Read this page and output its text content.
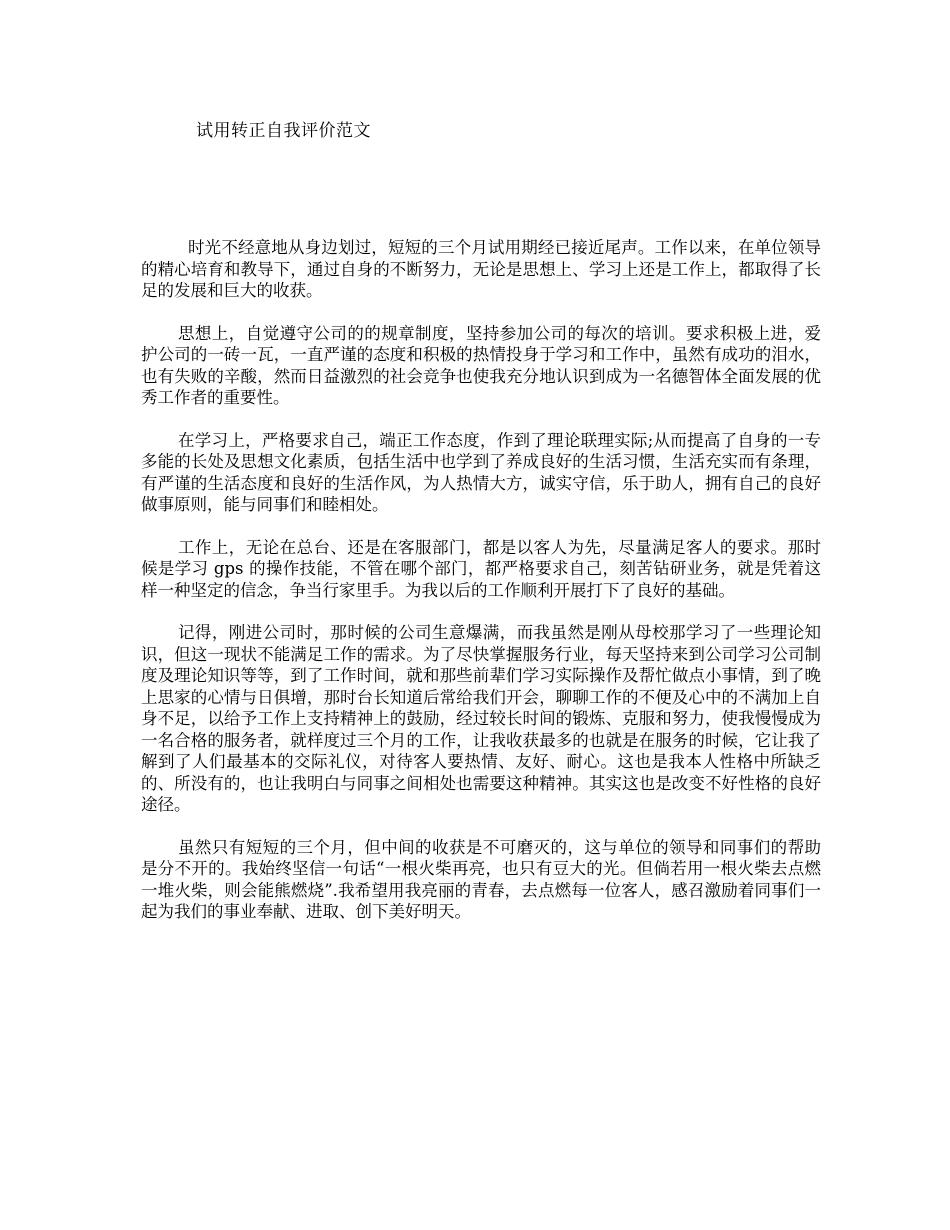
试用转正自我评价范文

时光不经意地从身边划过，短短的三个月试用期经已接近尾声。工作以来，在单位领导的精心培育和教导下，通过自身的不断努力，无论是思想上、学习上还是工作上，都取得了长足的发展和巨大的收获。

思想上，自觉遵守公司的的规章制度，坚持参加公司的每次的培训。要求积极上进，爱护公司的一砖一瓦，一直严谨的态度和积极的热情投身于学习和工作中，虽然有成功的泪水，也有失败的辛酸，然而日益激烈的社会竞争也使我充分地认识到成为一名德智体全面发展的优秀工作者的重要性。

在学习上，严格要求自己，端正工作态度，作到了理论联理实际;从而提高了自身的一专多能的长处及思想文化素质，包括生活中也学到了养成良好的生活习惯，生活充实而有条理，有严谨的生活态度和良好的生活作风，为人热情大方，诚实守信，乐于助人，拥有自己的良好做事原则，能与同事们和睦相处。

工作上，无论在总台、还是在客服部门，都是以客人为先，尽量满足客人的要求。那时候是学习 gps 的操作技能，不管在哪个部门，都严格要求自己，刻苦钻研业务，就是凭着这样一种坚定的信念，争当行家里手。为我以后的工作顺利开展打下了良好的基础。

记得，刚进公司时，那时候的公司生意爆满，而我虽然是刚从母校那学习了一些理论知识，但这一现状不能满足工作的需求。为了尽快掌握服务行业，每天坚持来到公司学习公司制度及理论知识等等，到了工作时间，就和那些前辈们学习实际操作及帮忙做点小事情，到了晚上思家的心情与日俱增，那时台长知道后常给我们开会，聊聊工作的不便及心中的不满加上自身不足，以给予工作上支持精神上的鼓励，经过较长时间的锻炼、克服和努力，使我慢慢成为一名合格的服务者，就样度过三个月的工作，让我收获最多的也就是在服务的时候，它让我了解到了人们最基本的交际礼仪，对待客人要热情、友好、耐心。这也是我本人性格中所缺乏的、所没有的，也让我明白与同事之间相处也需要这种精神。其实这也是改变不好性格的良好途径。

虽然只有短短的三个月，但中间的收获是不可磨灭的，这与单位的领导和同事们的帮助是分不开的。我始终坚信一句话“一根火柴再亮，也只有豆大的光。但倘若用一根火柴去点燃一堆火柴，则会能熊燃烧”.我希望用我亮丽的青春，去点燃每一位客人，感召激励着同事们一起为我们的事业奉献、进取、创下美好明天。
